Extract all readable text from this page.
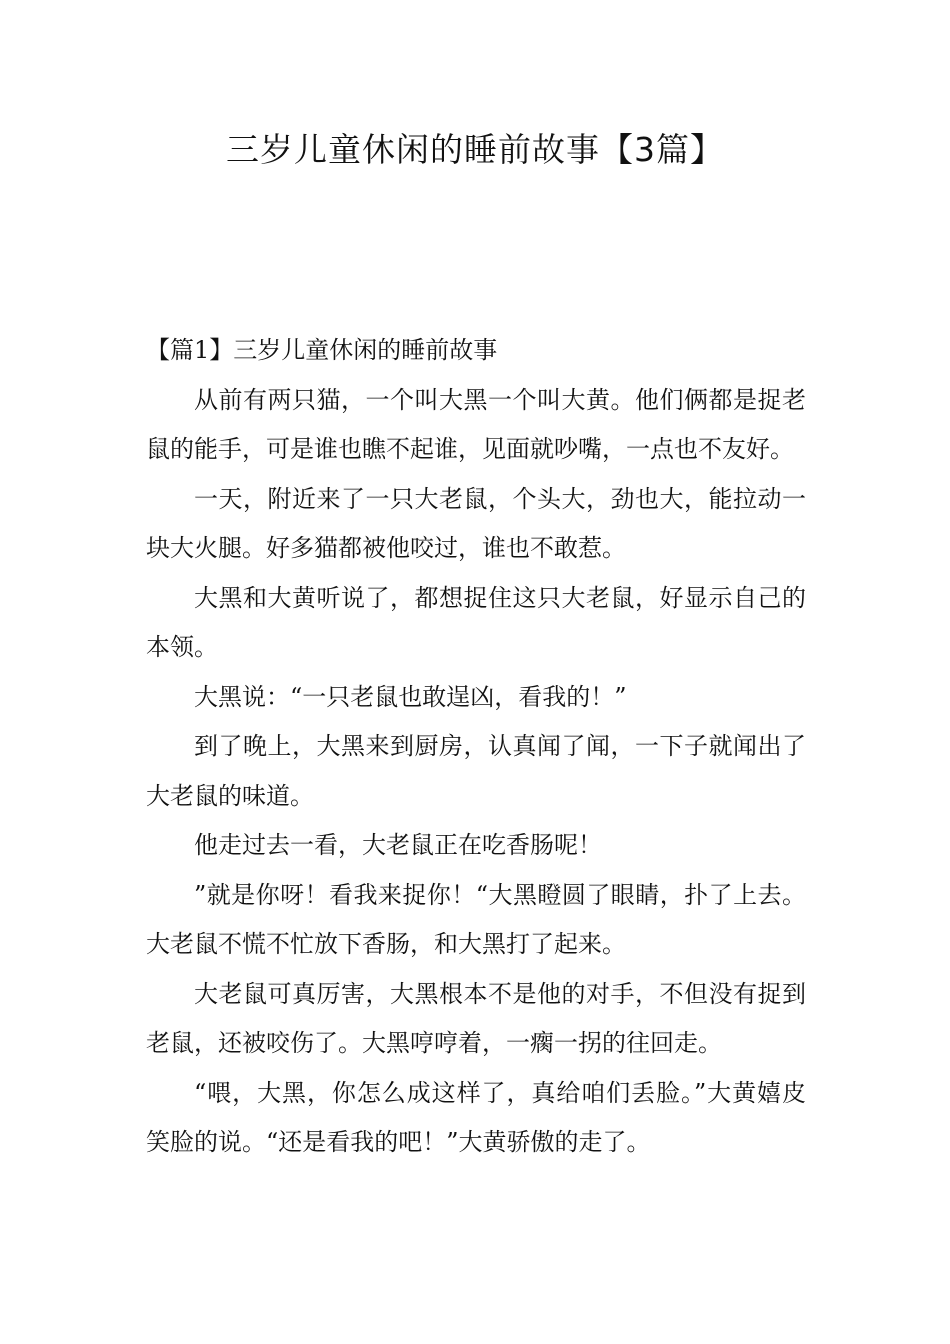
三岁儿童休闲的睡前故事【3篇】
【篇1】三岁儿童休闲的睡前故事

从前有两只猫，一个叫大黑一个叫大黄。他们俩都是捉老鼠的能手，可是谁也瞧不起谁，见面就吵嘴，一点也不友好。

一天，附近来了一只大老鼠，个头大，劲也大，能拉动一块大火腿。好多猫都被他咬过，谁也不敢惹。

大黑和大黄听说了，都想捉住这只大老鼠，好显示自己的本领。

大黑说：“一只老鼠也敢逞凶，看我的！”

到了晚上，大黑来到厨房，认真闻了闻，一下子就闻出了大老鼠的味道。

他走过去一看，大老鼠正在吃香肠呢！

”就是你呀！看我来捉你！“大黑瞪圆了眼睛，扑了上去。大老鼠不慌不忙放下香肠，和大黑打了起来。

大老鼠可真厉害，大黑根本不是他的对手，不但没有捉到老鼠，还被咬伤了。大黑哼哼着，一瘸一拐的往回走。

“喂，大黑，你怎么成这样了，真给咱们丢脸。”大黄嬉皮笑脸的说。“还是看我的吧！”大黄骄傲的走了。
